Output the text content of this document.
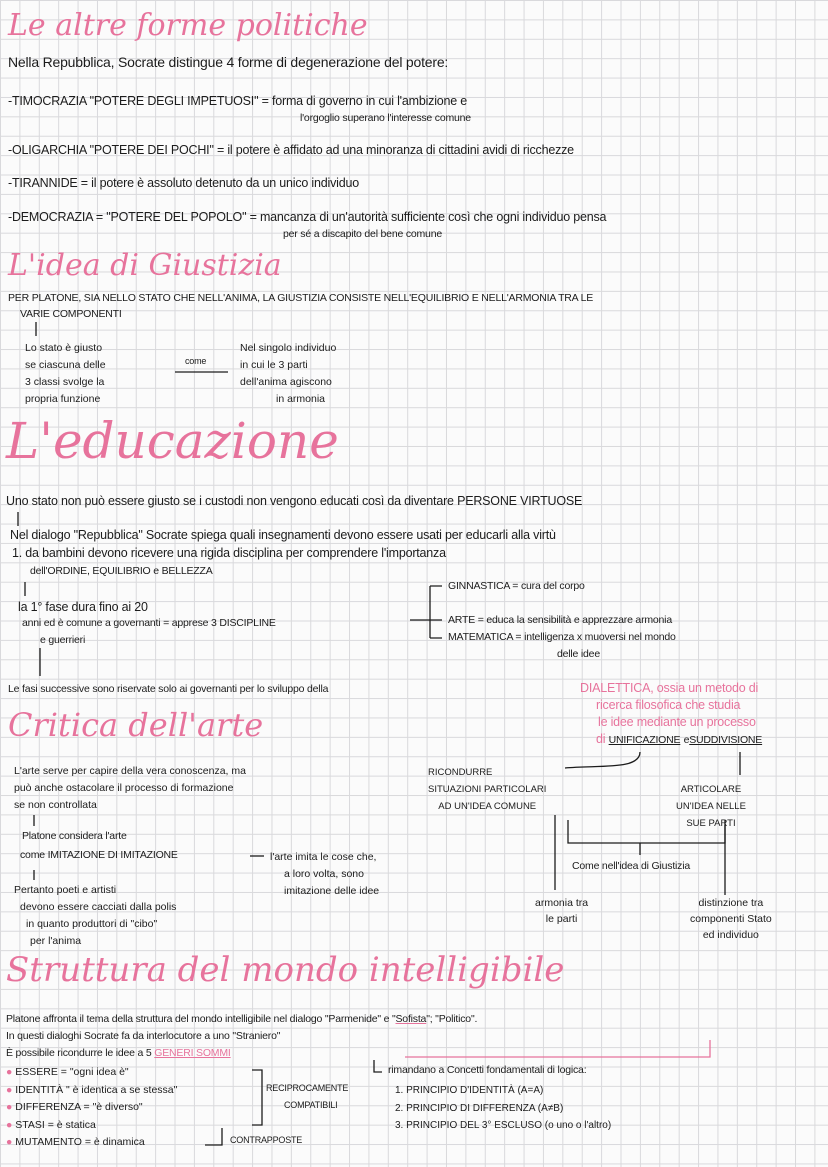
Le altre forme politiche
Nella Repubblica, Socrate distingue 4 forme di degenerazione del potere:
-TIMOCRAZIA "POTERE DEGLI IMPETUOSI" = forma di governo in cui l'ambizione e
l'orgoglio superano l'interesse comune
-OLIGARCHIA "POTERE DEI POCHI" = il potere è affidato ad una minoranza di cittadini avidi di ricchezze
-TIRANNIDE = il potere è assoluto detenuto da un unico individuo
-DEMOCRAZIA = "POTERE DEL POPOLO" = mancanza di un'autorità sufficiente così che ogni individuo pensa
per sé a discapito del bene comune
L'idea di Giustizia
PER PLATONE, SIA NELLO STATO CHE NELL'ANIMA, LA GIUSTIZIA CONSISTE NELL'EQUILIBRIO E NELL'ARMONIA TRA LE
VARIE COMPONENTI
Lo stato è giusto
se ciascuna delle
3 classi svolge la
propria funzione
come
Nel singolo individuo
in cui le 3 parti
dell'anima agiscono
in armonia
L'educazione
Uno stato non può essere giusto se i custodi non vengono educati così da diventare PERSONE VIRTUOSE
Nel dialogo "Repubblica" Socrate spiega quali insegnamenti devono essere usati per educarli alla virtù
1. da bambini devono ricevere una rigida disciplina per comprendere l'importanza
dell'ORDINE, EQUILIBRIO e BELLEZZA
la 1° fase dura fino ai 20
anni ed è comune a governanti = apprese 3 DISCIPLINE
e guerrieri
GINNASTICA = cura del corpo
ARTE = educa la sensibilità e apprezzare armonia
MATEMATICA = intelligenza x muoversi nel mondo
delle idee
Le fasi successive sono riservate solo ai governanti per lo sviluppo della	DIALETTICA, ossia un metodo di
ricerca filosofica che studia
le idee mediante un processo
di UNIFICAZIONE eSUDDIVISIONE
Critica dell'arte
L'arte serve per capire della vera conoscenza, ma
può anche ostacolare il processo di formazione
se non controllata
Platone considera l'arte
come IMITAZIONE DI IMITAZIONE	l'arte imita le cose che,
a loro volta, sono
imitazione delle idee
Pertanto poeti e artisti
devono essere cacciati dalla polis
in quanto produttori di "cibo"
per l'anima
RICONDURRE
SITUAZIONI PARTICOLARI
AD UN'IDEA COMUNE
ARTICOLARE
UN'IDEA NELLE
SUE PARTI
Come nell'idea di Giustizia
armonia tra
le parti
distinzione tra
componenti Stato
ed individuo
Struttura del mondo intelligibile
Platone affronta il tema della struttura del mondo intelligibile nel dialogo "Parmenide" e "Sofista"; "Politico".
In questi dialoghi Socrate fa da interlocutore a uno "Straniero"
È possibile ricondurre le idee a 5 GENERI SOMMI
● ESSERE = "ogni idea è"
● IDENTITÀ " è identica a se stessa"
● DIFFERENZA = "è diverso"
● STASI = è statica
● MUTAMENTO = è dinamica
RECIPROCAMENTE
COMPATIBILI
CONTRAPPOSTE
rimandano a Concetti fondamentali di logica:
1. PRINCIPIO D'IDENTITÀ (A=A)
2. PRINCIPIO DI DIFFERENZA (A≠B)
3. PRINCIPIO DEL 3° ESCLUSO (o uno o l'altro)
